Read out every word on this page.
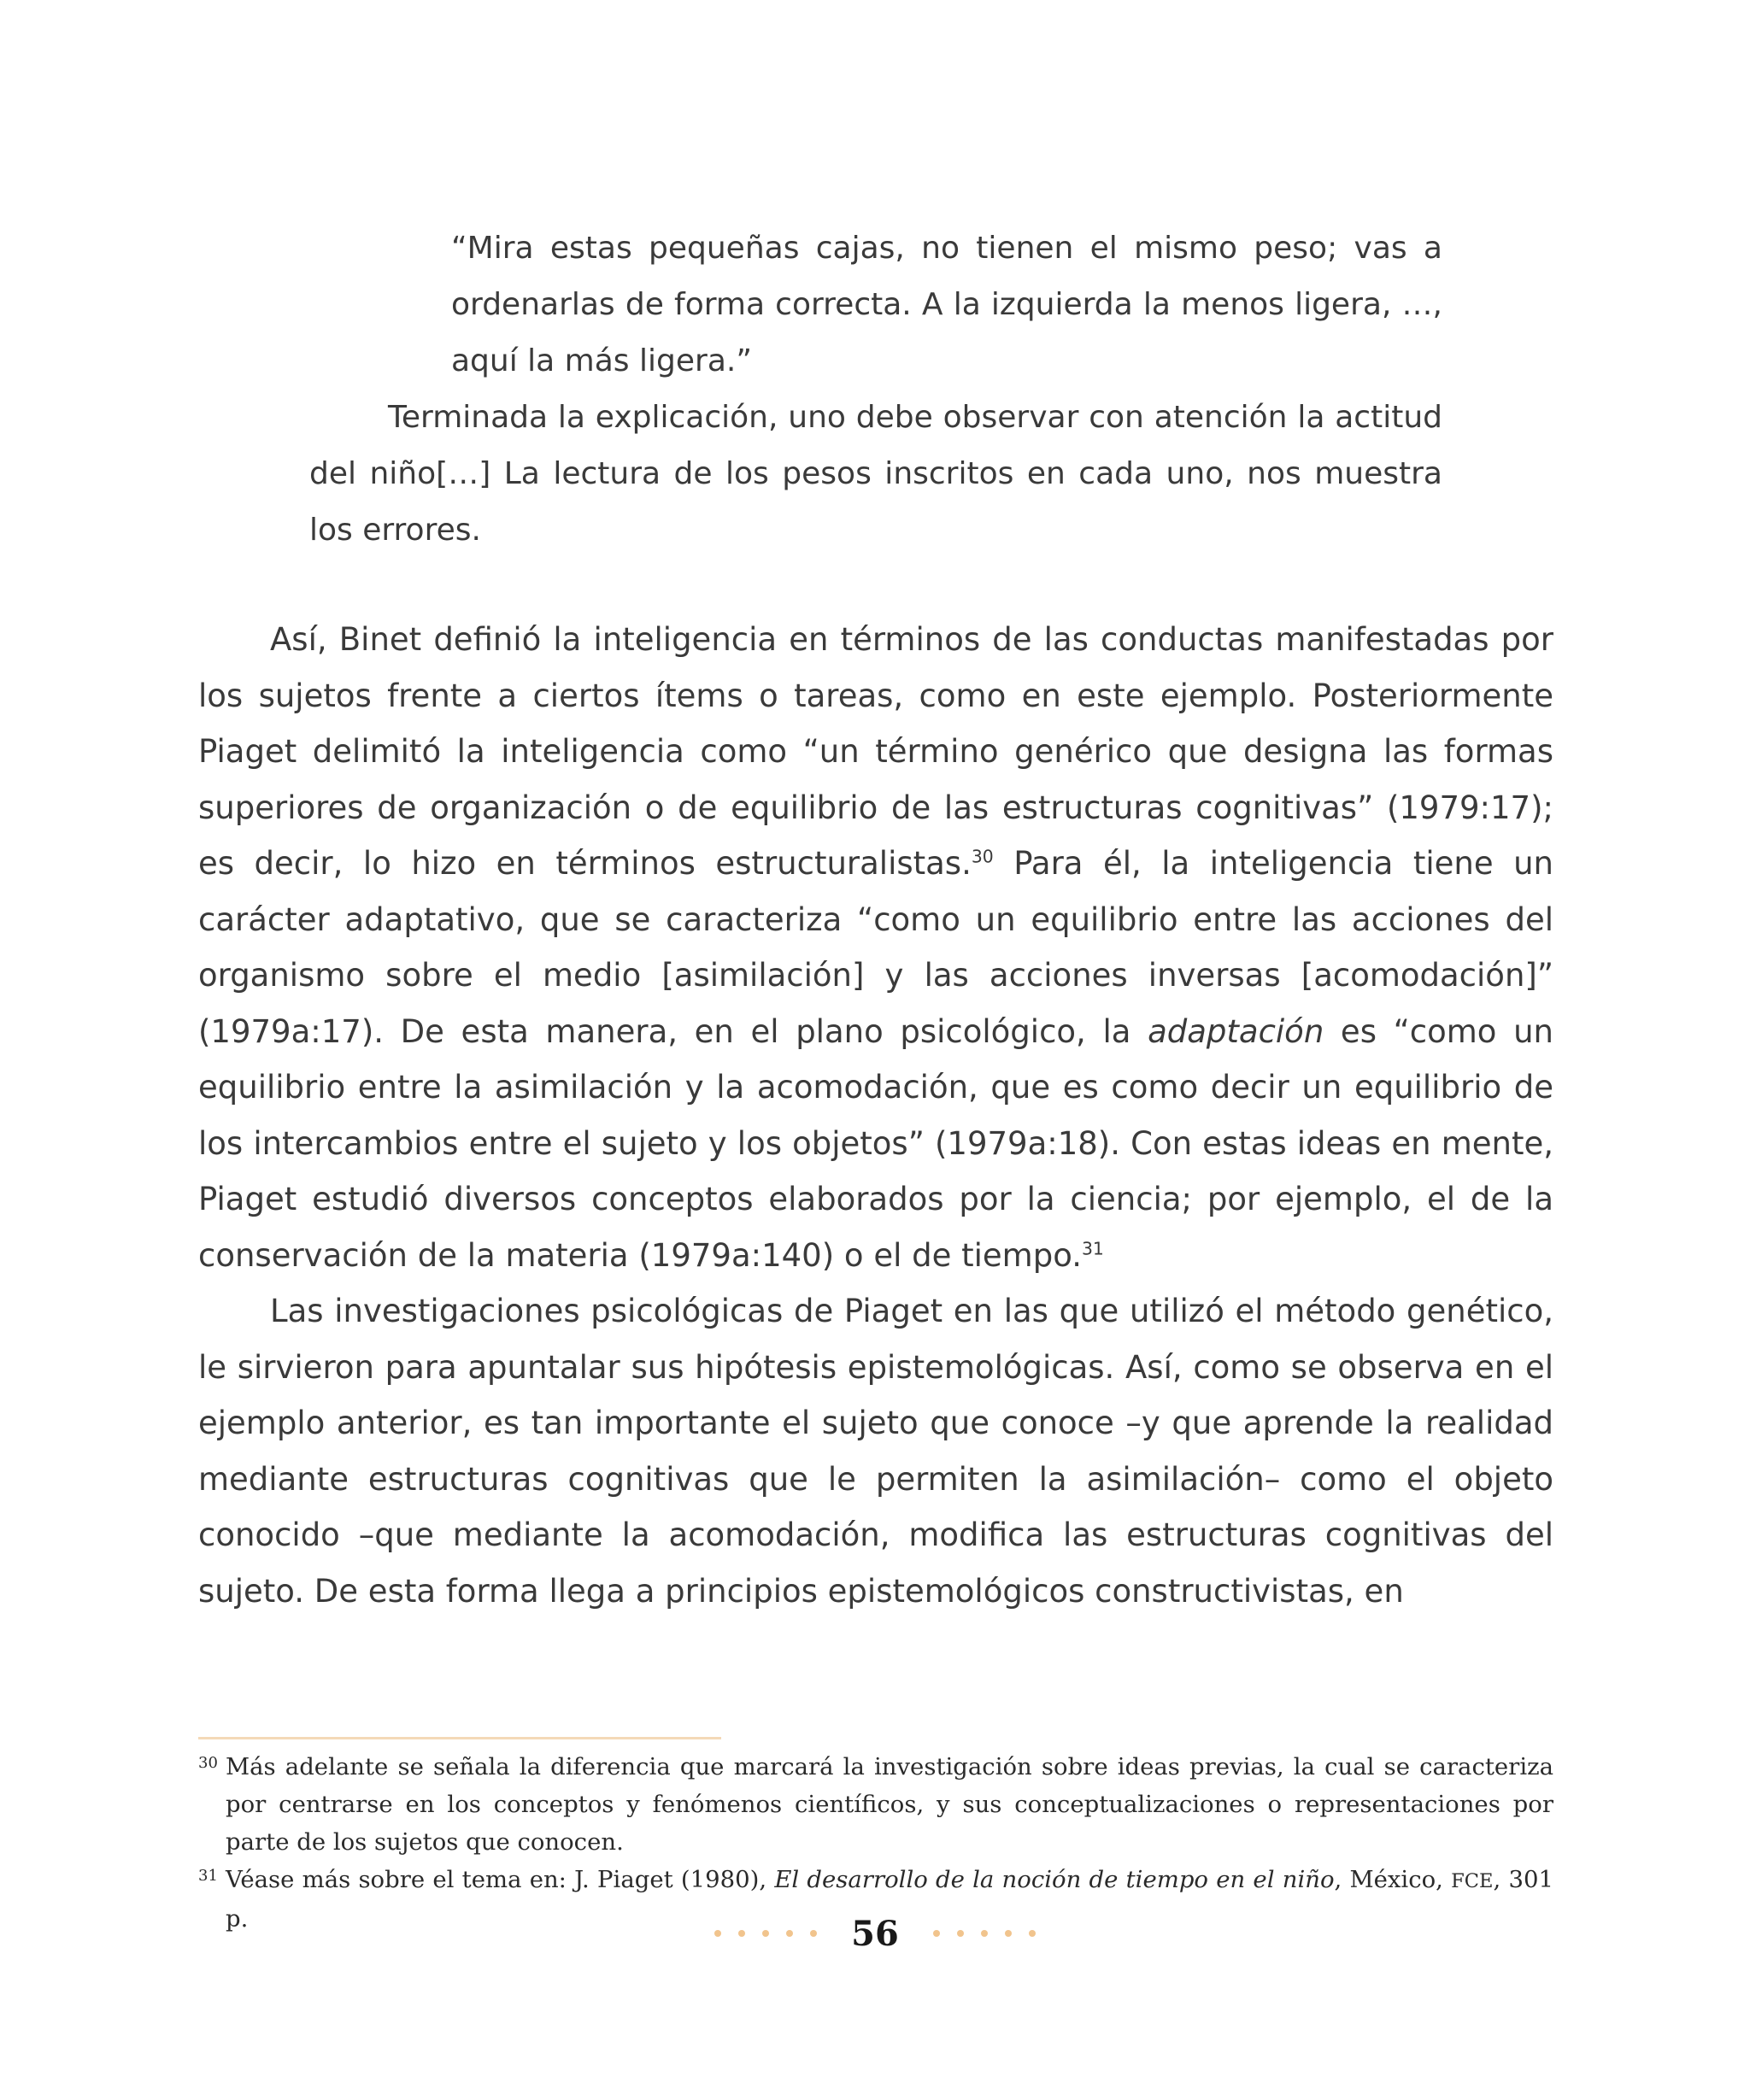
“Mira estas pequeñas cajas, no tienen el mismo peso; vas a ordenarlas de forma correcta. A la izquierda la menos ligera, …, aquí la más ligera.”
Terminada la explicación, uno debe observar con atención la actitud del niño[…] La lectura de los pesos inscritos en cada uno, nos muestra los errores.

Así, Binet definió la inteligencia en términos de las conductas manifestadas por los sujetos frente a ciertos ítems o tareas, como en este ejemplo. Posteriormente Piaget delimitó la inteligencia como “un término genérico que designa las formas superiores de organización o de equilibrio de las estructuras cognitivas” (1979:17); es decir, lo hizo en términos estructuralistas.$^{30}$ Para él, la inteligencia tiene un carácter adaptativo, que se caracteriza “como un equilibrio entre las acciones del organismo sobre el medio [asimilación] y las acciones inversas [acomodación]” (1979a:17). De esta manera, en el plano psicológico, la adaptación es “como un equilibrio entre la asimilación y la acomodación, que es como decir un equilibrio de los intercambios entre el sujeto y los objetos” (1979a:18). Con estas ideas en mente, Piaget estudió diversos conceptos elaborados por la ciencia; por ejemplo, el de la conservación de la materia (1979a:140) o el de tiempo.$^{31}$

Las investigaciones psicológicas de Piaget en las que utilizó el método genético, le sirvieron para apuntalar sus hipótesis epistemológicas. Así, como se observa en el ejemplo anterior, es tan importante el sujeto que conoce –y que aprende la realidad mediante estructuras cognitivas que le permiten la asimilación– como el objeto conocido –que mediante la acomodación, modifica las estructuras cognitivas del sujeto. De esta forma llega a principios epistemológicos constructivistas, en

30 Más adelante se señala la diferencia que marcará la investigación sobre ideas previas, la cual se caracteriza por centrarse en los conceptos y fenómenos científicos, y sus conceptualizaciones o representaciones por parte de los sujetos que conocen.
31 Véase más sobre el tema en: J. Piaget (1980), El desarrollo de la noción de tiempo en el niño, México, FCE, 301 p.	56
